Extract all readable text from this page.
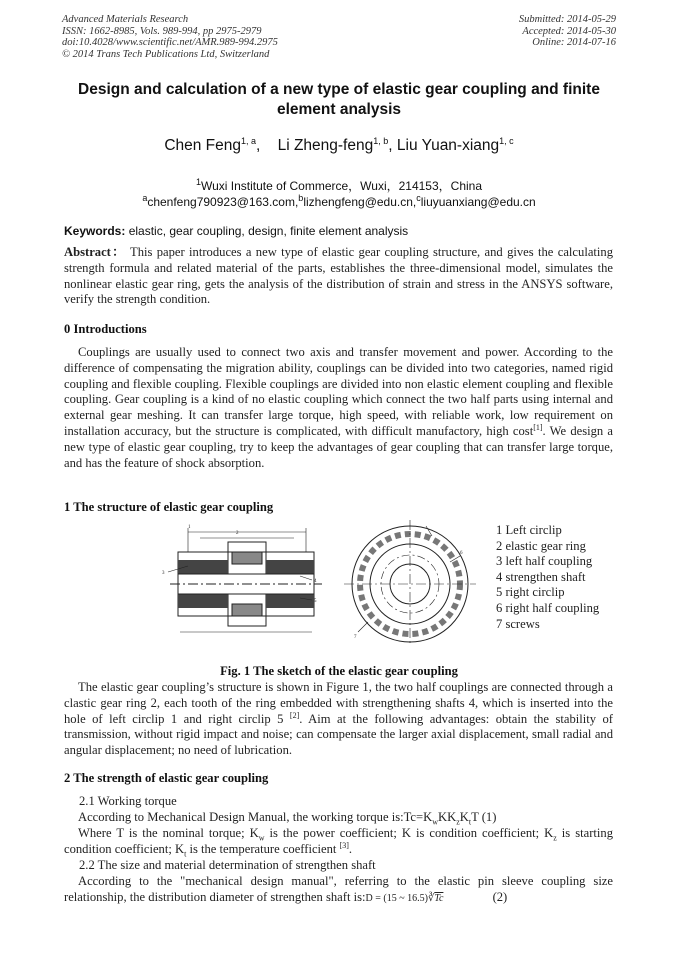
Advanced Materials Research
ISSN: 1662-8985, Vols. 989-994, pp 2975-2979
doi:10.4028/www.scientific.net/AMR.989-994.2975
© 2014 Trans Tech Publications Ltd, Switzerland
Submitted: 2014-05-29
Accepted: 2014-05-30
Online: 2014-07-16
Design and calculation of a new type of elastic gear coupling and finite element analysis
Chen Feng$^{1, a}$,    Li Zheng-feng$^{1, b}$, Liu Yuan-xiang$^{1, c}$
$^1$Wuxi Institute of Commerce，Wuxi，214153，China
$^a$chenfeng790923@163.com,$^b$lizhengfeng@edu.cn,$^c$liuyuanxiang@edu.cn
Keywords: elastic, gear coupling, design, finite element analysis
Abstract： This paper introduces a new type of elastic gear coupling structure, and gives the calculating strength formula and related material of the parts, establishes the three-dimensional model, simulates the nonlinear elastic gear ring, gets the analysis of the distribution of strain and stress in the ANSYS software, verify the strength condition.
0 Introductions
Couplings are usually used to connect two axis and transfer movement and power. According to the difference of compensating the migration ability, couplings can be divided into two categories, named rigid coupling and flexible coupling. Flexible couplings are divided into non elastic element coupling and flexible coupling. Gear coupling is a kind of no elastic coupling which connect the two half parts using internal and external gear meshing. It can transfer large torque, high speed, with reliable work, low requirement on installation accuracy, but the structure is complicated, with difficult manufactory, high cost[1]. We design a new type of elastic gear coupling, try to keep the advantages of gear coupling that can transfer large torque, and has the feature of shock absorption.
1 The structure of elastic gear coupling
1
2
3
4
5
6
7
1 Left circlip
2 elastic gear ring
3 left half coupling
4 strengthen shaft
5 right circlip
6 right half coupling
7 screws
Fig. 1 The sketch of the elastic gear coupling
The elastic gear coupling’s structure is shown in Figure 1, the two half couplings are connected through a clastic gear ring 2, each tooth of the ring embedded with strengthening shafts 4, which is inserted into the hole of left circlip 1 and right circlip 5 [2]. Aim at the following advantages: obtain the stability of transmission, without rigid impact and noise; can compensate the larger axial displacement, small radial and angular displacement; no need of lubrication.
2 The strength of elastic gear coupling
2.1 Working torque
According to Mechanical Design Manual, the working torque $is:Tc=K_wKK_zK_tT$ (1)
Where T is the nominal torque; $K_w$ is the power coefficient; K is condition coefficient; $K_z$ is starting condition coefficient; $K_t$ is the temperature coefficient [3].
2.2 The size and material determination of strengthen shaft
According to the "mechanical design manual", referring to the elastic pin sleeve coupling size relationship, the distribution diameter of strengthen shaft is:D = (15 ~ $16.5)∛\overline{Tc}$	(2)
